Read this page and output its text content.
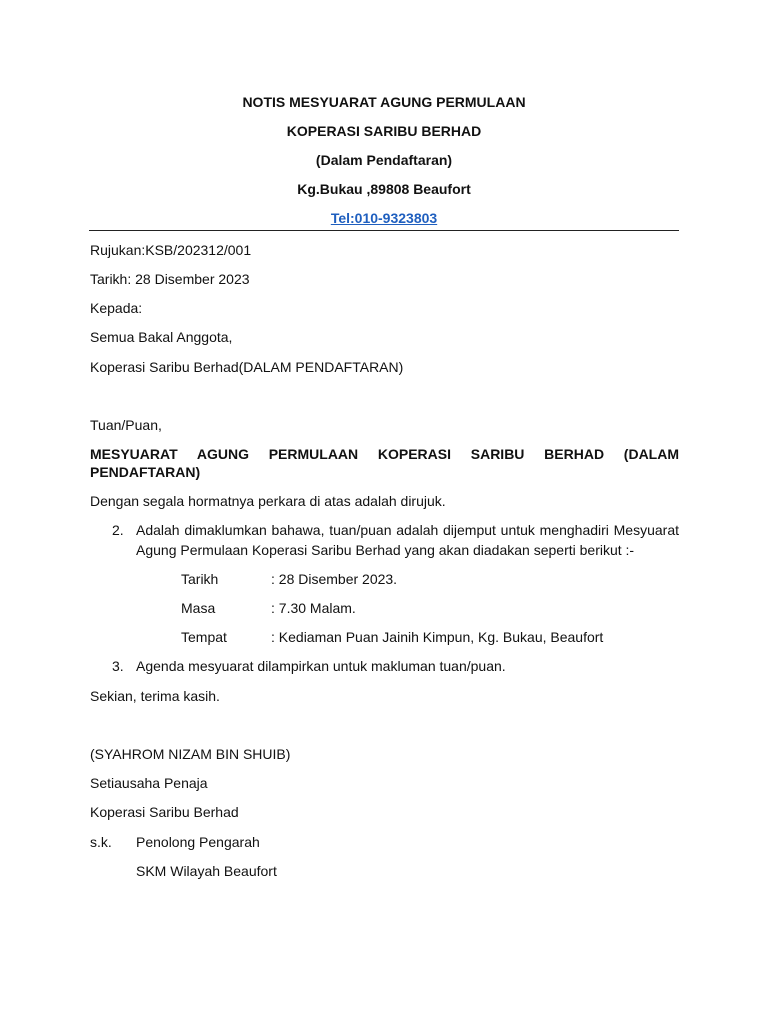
NOTIS MESYUARAT AGUNG PERMULAAN
KOPERASI SARIBU BERHAD
(Dalam Pendaftaran)
Kg.Bukau ,89808 Beaufort
Tel:010-9323803
Rujukan:KSB/202312/001
Tarikh: 28 Disember 2023
Kepada:
Semua Bakal Anggota,
Koperasi Saribu Berhad(DALAM PENDAFTARAN)
Tuan/Puan,
MESYUARAT AGUNG PERMULAAN KOPERASI SARIBU BERHAD (DALAM
PENDAFTARAN)
Dengan segala hormatnya perkara di atas adalah dirujuk.
2. Adalah dimaklumkan bahawa, tuan/puan adalah dijemput untuk menghadiri Mesyuarat
Agung Permulaan Koperasi Saribu Berhad yang akan diadakan seperti berikut :-
Tarikh	: 28 Disember 2023.
Masa	: 7.30 Malam.
Tempat	: Kediaman Puan Jainih Kimpun, Kg. Bukau, Beaufort
3. Agenda mesyuarat dilampirkan untuk makluman tuan/puan.
Sekian, terima kasih.
(SYAHROM NIZAM BIN SHUIB)
Setiausaha Penaja
Koperasi Saribu Berhad
s.k. Penolong Pengarah
SKM Wilayah Beaufort
